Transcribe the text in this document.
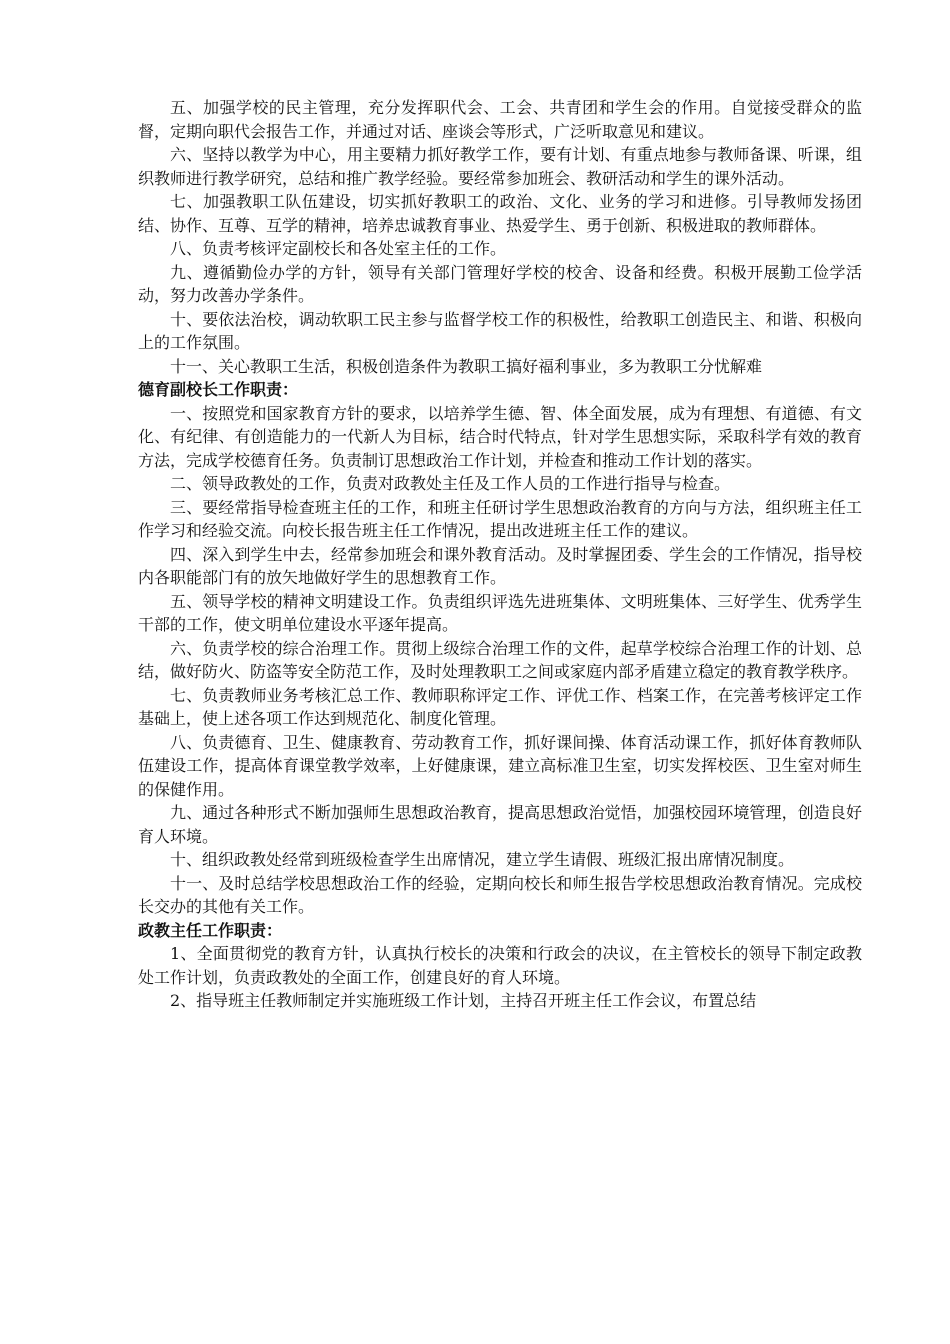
五、加强学校的民主管理，充分发挥职代会、工会、共青团和学生会的作用。自觉接受群众的监督，定期向职代会报告工作，并通过对话、座谈会等形式，广泛听取意见和建议。

六、坚持以教学为中心，用主要精力抓好教学工作，要有计划、有重点地参与教师备课、听课，组织教师进行教学研究，总结和推广教学经验。要经常参加班会、教研活动和学生的课外活动。

七、加强教职工队伍建设，切实抓好教职工的政治、文化、业务的学习和进修。引导教师发扬团结、协作、互尊、互学的精神，培养忠诚教育事业、热爱学生、勇于创新、积极进取的教师群体。

八、负责考核评定副校长和各处室主任的工作。

九、遵循勤俭办学的方针，领导有关部门管理好学校的校舍、设备和经费。积极开展勤工俭学活动，努力改善办学条件。

十、要依法治校，调动软职工民主参与监督学校工作的积极性，给教职工创造民主、和谐、积极向上的工作氛围。

十一、关心教职工生活，积极创造条件为教职工搞好福利事业，多为教职工分忧解难

德育副校长工作职责：

一、按照党和国家教育方针的要求，以培养学生德、智、体全面发展，成为有理想、有道德、有文化、有纪律、有创造能力的一代新人为目标，结合时代特点，针对学生思想实际，采取科学有效的教育方法，完成学校德育任务。负责制订思想政治工作计划，并检查和推动工作计划的落实。

二、领导政教处的工作，负责对政教处主任及工作人员的工作进行指导与检查。

三、要经常指导检查班主任的工作，和班主任研讨学生思想政治教育的方向与方法，组织班主任工作学习和经验交流。向校长报告班主任工作情况，提出改进班主任工作的建议。

四、深入到学生中去，经常参加班会和课外教育活动。及时掌握团委、学生会的工作情况，指导校内各职能部门有的放矢地做好学生的思想教育工作。

五、领导学校的精神文明建设工作。负责组织评选先进班集体、文明班集体、三好学生、优秀学生干部的工作，使文明单位建设水平逐年提高。

六、负责学校的综合治理工作。贯彻上级综合治理工作的文件，起草学校综合治理工作的计划、总结，做好防火、防盗等安全防范工作，及时处理教职工之间或家庭内部矛盾建立稳定的教育教学秩序。

七、负责教师业务考核汇总工作、教师职称评定工作、评优工作、档案工作，在完善考核评定工作基础上，使上述各项工作达到规范化、制度化管理。

八、负责德育、卫生、健康教育、劳动教育工作，抓好课间操、体育活动课工作，抓好体育教师队伍建设工作，提高体育课堂教学效率，上好健康课，建立高标准卫生室，切实发挥校医、卫生室对师生的保健作用。

九、通过各种形式不断加强师生思想政治教育，提高思想政治觉悟，加强校园环境管理，创造良好育人环境。

十、组织政教处经常到班级检查学生出席情况，建立学生请假、班级汇报出席情况制度。

十一、及时总结学校思想政治工作的经验，定期向校长和师生报告学校思想政治教育情况。完成校长交办的其他有关工作。

政教主任工作职责：

1、全面贯彻党的教育方针，认真执行校长的决策和行政会的决议，在主管校长的领导下制定政教处工作计划，负责政教处的全面工作，创建良好的育人环境。

2、指导班主任教师制定并实施班级工作计划，主持召开班主任工作会议，布置总结
